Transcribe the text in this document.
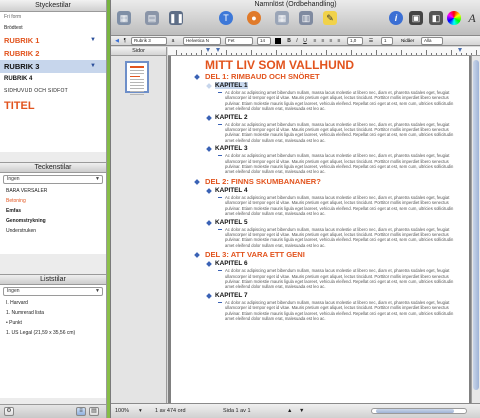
Styckestilar
Fri form
Brödtext
RUBRIK 1	▼
RUBRIK 2
RUBRIK 3	▼
RUBRIK 4
SIDHUVUD OCH SIDFOT
TITEL
Teckenstilar
Ingen	▼
BARA VERSALER
Betoning
Emfas
Genomstrykning
Understruken
Liststilar
Ingen	▼
I. Harvard
1. Numrerad lista
• Punkt
1. US Legal (21,59 x 35,56 cm)
⚙	≡	▤
Namnlöst (Ordbehandling)
▦	▤	❚❚	T	●	▦	▥	✎	i	▣	◧ A
◀ ¶	Rubrik 3	a	Helvetica N	Fet	14	B	I	U	≡	≡	≡	≡	1,0	☰	1	Nidåer	Alla
Sidor
MITT LIV SOM VALLHUND
DEL 1: RIMBAUD OCH SNÖRET
KAPITEL 1
Ac dolor ac adipiscing amet bibendum nullam, massa lacus molestie ut libero nec, diam et, pharetra sodales eget, feugiat ullamcorper id tempor eget id vitae. Mauris pretium eget aliquet, lectus tincidunt. Porttitor mollis imperdiet libero senectus pulvinar. Etiam molestie mauris ligula eget laoreet, vehicula eleifend. Repellat orci eget at est, sem cum, ultricies sollicitudin amet eleifend dolor nullam erat, malesuada est leo ac.
KAPITEL 2
Ac dolor ac adipiscing amet bibendum nullam, massa lacus molestie ut libero nec, diam et, pharetra sodales eget, feugiat ullamcorper id tempor eget id vitae. Mauris pretium eget aliquet, lectus tincidunt. Porttitor mollis imperdiet libero senectus pulvinar. Etiam molestie mauris ligula eget laoreet, vehicula eleifend. Repellat orci eget at est, sem cum, ultricies sollicitudin amet eleifend dolor nullam erat, malesuada est leo ac.
KAPITEL 3
Ac dolor ac adipiscing amet bibendum nullam, massa lacus molestie ut libero nec, diam et, pharetra sodales eget, feugiat ullamcorper id tempor eget id vitae. Mauris pretium eget aliquet, lectus tincidunt. Porttitor mollis imperdiet libero senectus pulvinar. Etiam molestie mauris ligula eget laoreet, vehicula eleifend. Repellat orci eget at est, sem cum, ultricies sollicitudin amet eleifend dolor nullam erat, malesuada est leo ac.
DEL 2: FINNS SKUMBANANER?
KAPITEL 4
Ac dolor ac adipiscing amet bibendum nullam, massa lacus molestie ut libero nec, diam et, pharetra sodales eget, feugiat ullamcorper id tempor eget id vitae. Mauris pretium eget aliquet, lectus tincidunt. Porttitor mollis imperdiet libero senectus pulvinar. Etiam molestie mauris ligula eget laoreet, vehicula eleifend. Repellat orci eget at est, sem cum, ultricies sollicitudin amet eleifend dolor nullam erat, malesuada est leo ac.
KAPITEL 5
Ac dolor ac adipiscing amet bibendum nullam, massa lacus molestie ut libero nec, diam et, pharetra sodales eget, feugiat ullamcorper id tempor eget id vitae. Mauris pretium eget aliquet, lectus tincidunt. Porttitor mollis imperdiet libero senectus pulvinar. Etiam molestie mauris ligula eget laoreet, vehicula eleifend. Repellat orci eget at est, sem cum, ultricies sollicitudin amet eleifend dolor nullam erat, malesuada est leo ac.
DEL 3: ATT VARA ETT GENI
KAPITEL 6
Ac dolor ac adipiscing amet bibendum nullam, massa lacus molestie ut libero nec, diam et, pharetra sodales eget, feugiat ullamcorper id tempor eget id vitae. Mauris pretium eget aliquet, lectus tincidunt. Porttitor mollis imperdiet libero senectus pulvinar. Etiam molestie mauris ligula eget laoreet, vehicula eleifend. Repellat orci eget at est, sem cum, ultricies sollicitudin amet eleifend dolor nullam erat, malesuada est leo ac.
KAPITEL 7
Ac dolor ac adipiscing amet bibendum nullam, massa lacus molestie ut libero nec, diam et, pharetra sodales eget, feugiat ullamcorper id tempor eget id vitae. Mauris pretium eget aliquet, lectus tincidunt. Porttitor mollis imperdiet libero senectus pulvinar. Etiam molestie mauris ligula eget laoreet, vehicula eleifend. Repellat orci eget at est, sem cum, ultricies sollicitudin amet eleifend dolor nullam erat, malesuada est leo ac.
100% ▾ 1 av 474 ord	Sida 1 av 1	▲ ▼
